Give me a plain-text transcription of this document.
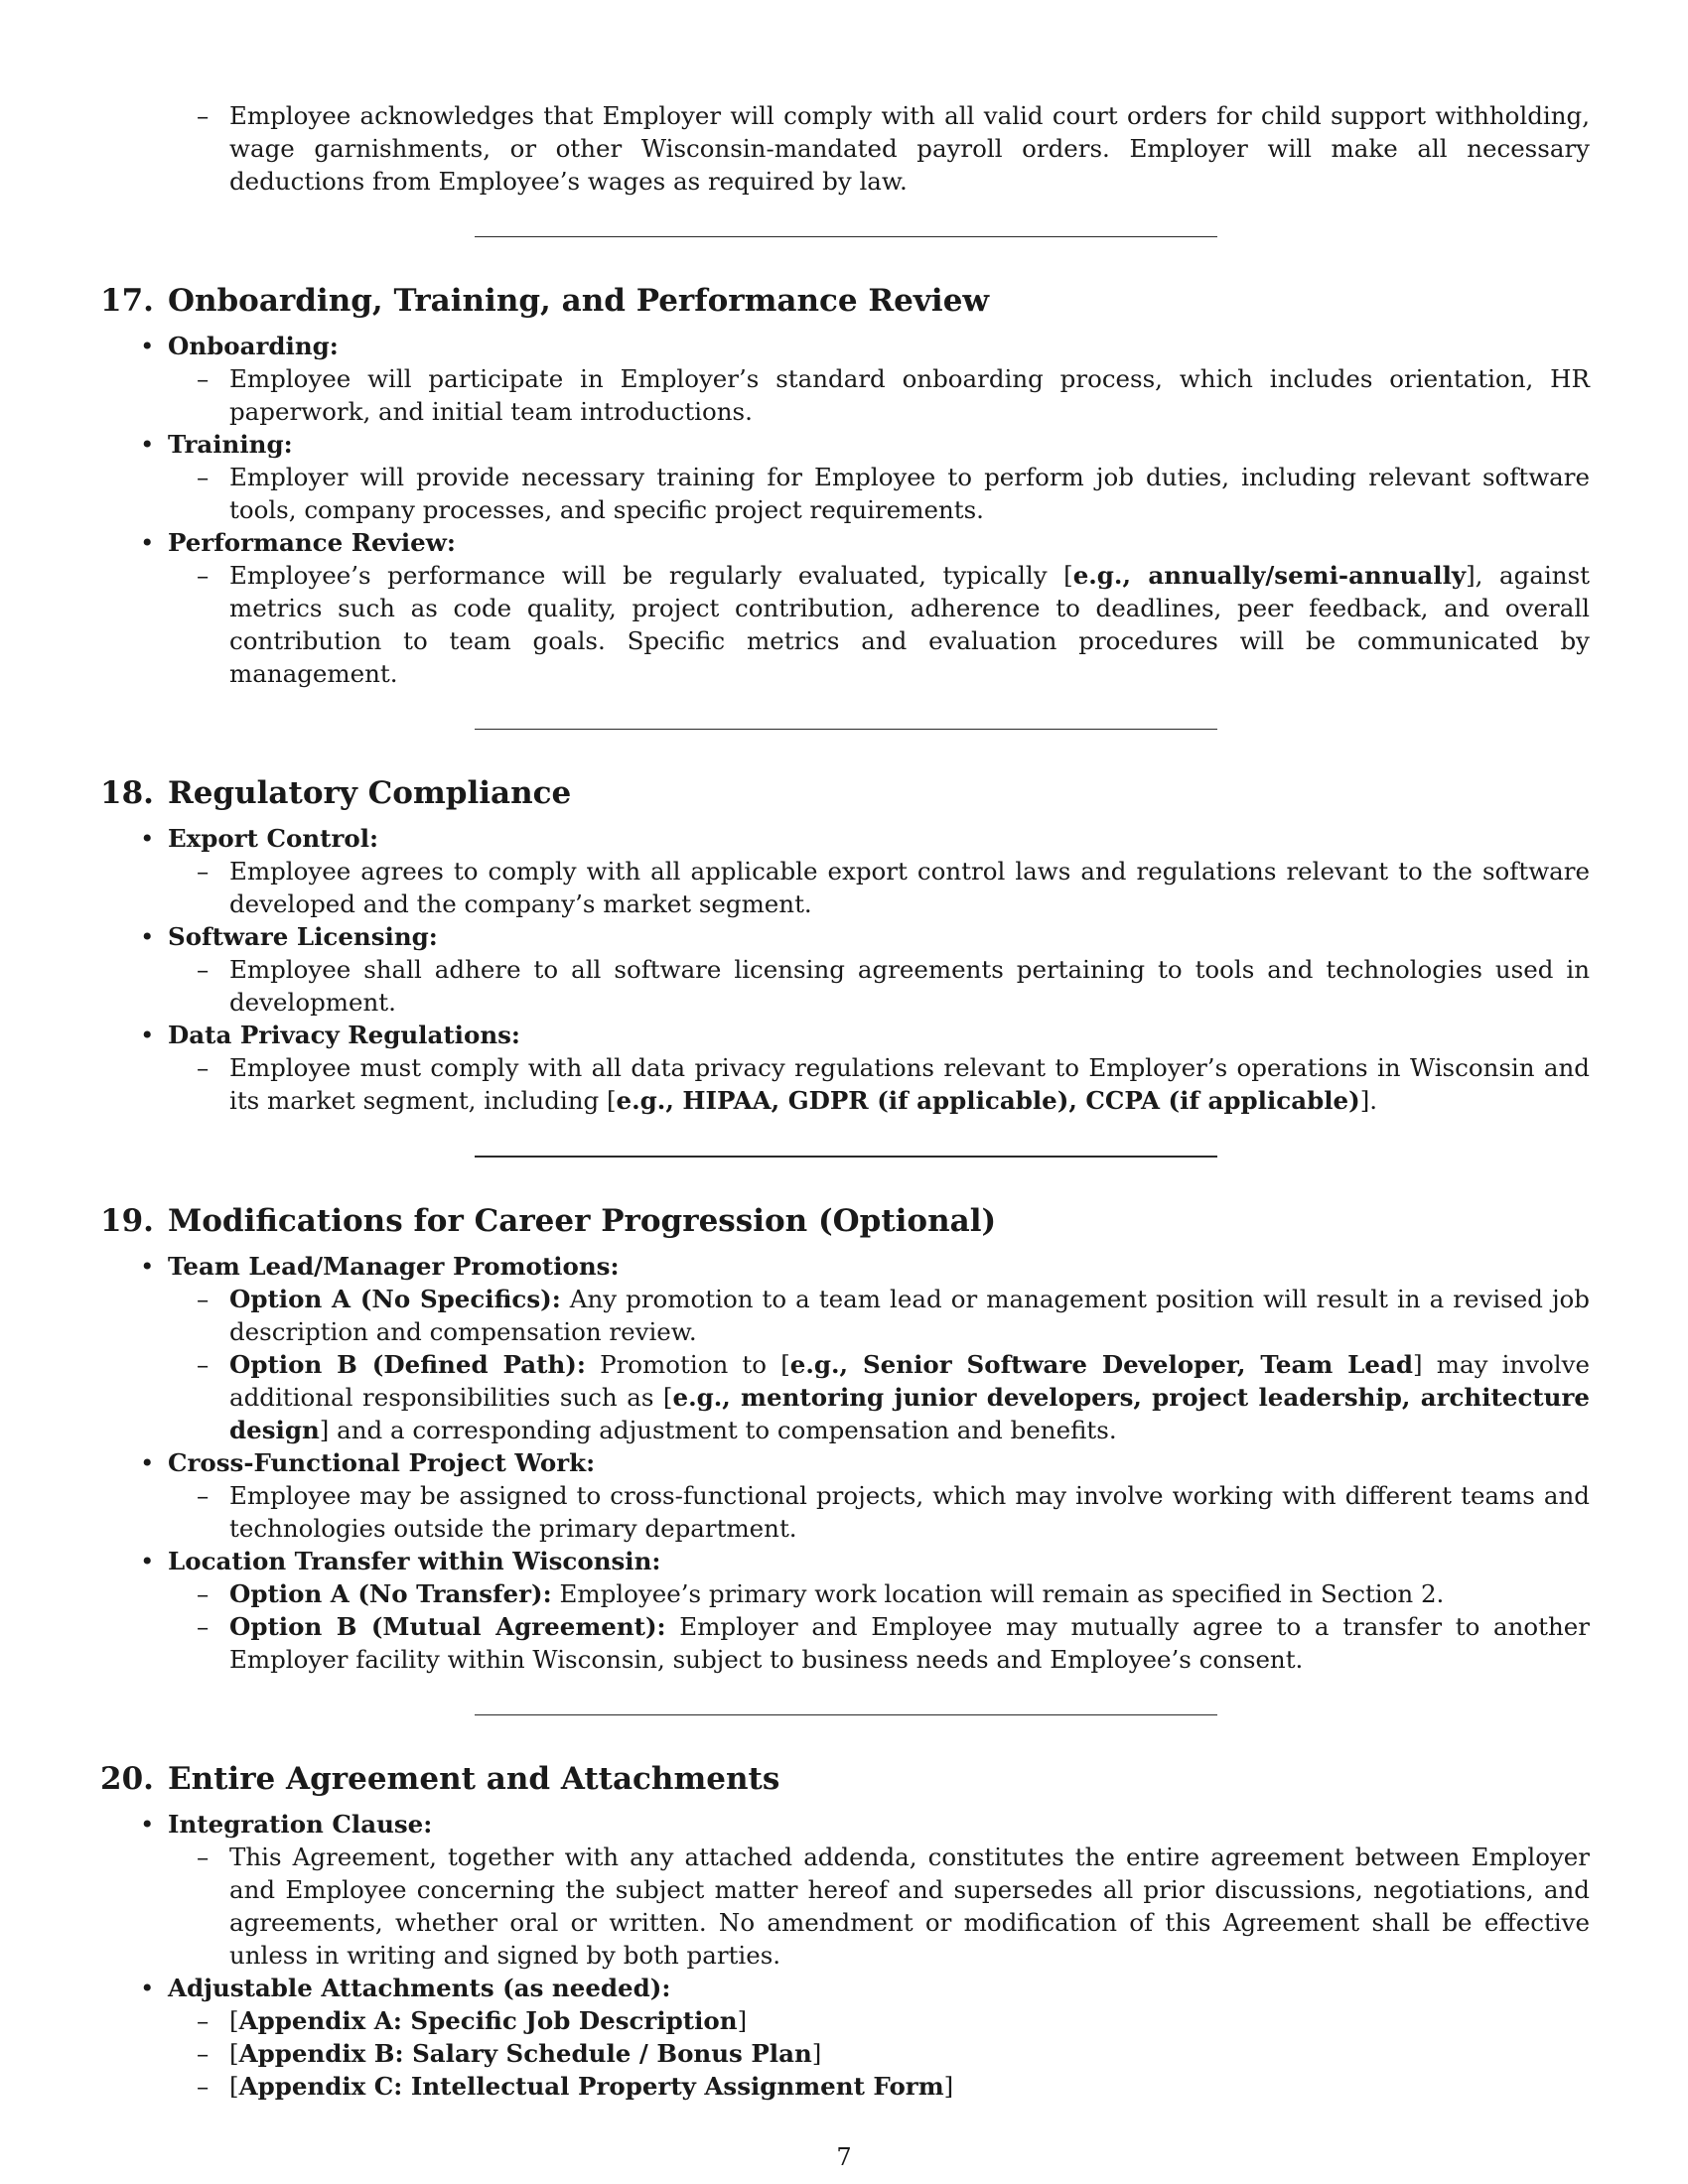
– Employee acknowledges that Employer will comply with all valid court orders for child support withholding, wage garnishments, or other Wisconsin-mandated payroll orders. Employer will make all necessary deductions from Employee’s wages as required by law.
17. Onboarding, Training, and Performance Review
• Onboarding:
– Employee will participate in Employer’s standard onboarding process, which includes orientation, HR paperwork, and initial team introductions.
• Training:
– Employer will provide necessary training for Employee to perform job duties, including relevant software tools, company processes, and specific project requirements.
• Performance Review:
– Employee’s performance will be regularly evaluated, typically [e.g., annually/semi-annually], against metrics such as code quality, project contribution, adherence to deadlines, peer feedback, and overall contribution to team goals. Specific metrics and evaluation procedures will be communicated by management.
18. Regulatory Compliance
• Export Control:
– Employee agrees to comply with all applicable export control laws and regulations relevant to the software developed and the company’s market segment.
• Software Licensing:
– Employee shall adhere to all software licensing agreements pertaining to tools and technologies used in development.
• Data Privacy Regulations:
– Employee must comply with all data privacy regulations relevant to Employer’s operations in Wisconsin and its market segment, including [e.g., HIPAA, GDPR (if applicable), CCPA (if applicable)].
19. Modifications for Career Progression (Optional)
• Team Lead/Manager Promotions:
– Option A (No Specifics): Any promotion to a team lead or management position will result in a revised job description and compensation review.
– Option B (Defined Path): Promotion to [e.g., Senior Software Developer, Team Lead] may involve additional responsibilities such as [e.g., mentoring junior developers, project leadership, architecture design] and a corresponding adjustment to compensation and benefits.
• Cross-Functional Project Work:
– Employee may be assigned to cross-functional projects, which may involve working with different teams and technologies outside the primary department.
• Location Transfer within Wisconsin:
– Option A (No Transfer): Employee’s primary work location will remain as specified in Section 2.
– Option B (Mutual Agreement): Employer and Employee may mutually agree to a transfer to another Employer facility within Wisconsin, subject to business needs and Employee’s consent.
20. Entire Agreement and Attachments
• Integration Clause:
– This Agreement, together with any attached addenda, constitutes the entire agreement between Employer and Employee concerning the subject matter hereof and supersedes all prior discussions, negotiations, and agreements, whether oral or written. No amendment or modification of this Agreement shall be effective unless in writing and signed by both parties.
• Adjustable Attachments (as needed):
– [Appendix A: Specific Job Description]
– [Appendix B: Salary Schedule / Bonus Plan]
– [Appendix C: Intellectual Property Assignment Form]
7
